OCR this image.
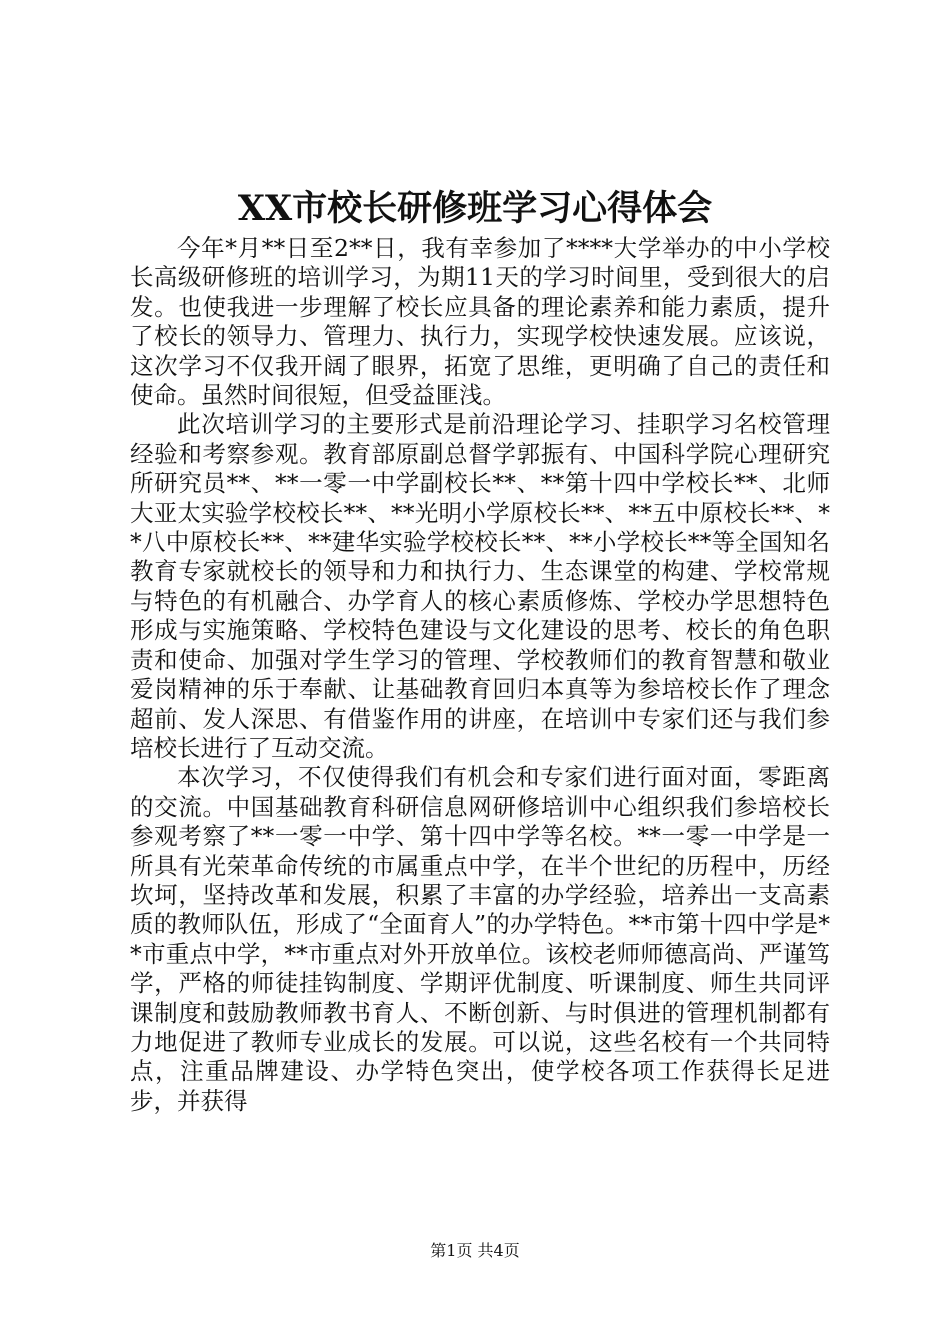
XX市校长研修班学习心得体会

今年*月**日至2**日，我有幸参加了****大学举办的中小学校长高级研修班的培训学习，为期11天的学习时间里，受到很大的启发。也使我进一步理解了校长应具备的理论素养和能力素质，提升了校长的领导力、管理力、执行力，实现学校快速发展。应该说，这次学习不仅我开阔了眼界，拓宽了思维，更明确了自己的责任和使命。虽然时间很短，但受益匪浅。

此次培训学习的主要形式是前沿理论学习、挂职学习名校管理经验和考察参观。教育部原副总督学郭振有、中国科学院心理研究所研究员**、**一零一中学副校长**、**第十四中学校长**、北师大亚太实验学校校长**、**光明小学原校长**、**五中原校长**、**八中原校长**、**建华实验学校校长**、**小学校长**等全国知名教育专家就校长的领导和力和执行力、生态课堂的构建、学校常规与特色的有机融合、办学育人的核心素质修炼、学校办学思想特色形成与实施策略、学校特色建设与文化建设的思考、校长的角色职责和使命、加强对学生学习的管理、学校教师们的教育智慧和敬业爱岗精神的乐于奉献、让基础教育回归本真等为参培校长作了理念超前、发人深思、有借鉴作用的讲座，在培训中专家们还与我们参培校长进行了互动交流。

本次学习，不仅使得我们有机会和专家们进行面对面，零距离的交流。中国基础教育科研信息网研修培训中心组织我们参培校长参观考察了**一零一中学、第十四中学等名校。**一零一中学是一所具有光荣革命传统的市属重点中学，在半个世纪的历程中，历经坎坷，坚持改革和发展，积累了丰富的办学经验，培养出一支高素质的教师队伍，形成了“全面育人”的办学特色。**市第十四中学是**市重点中学，**市重点对外开放单位。该校老师师德高尚、严谨笃学，严格的师徒挂钩制度、学期评优制度、听课制度、师生共同评课制度和鼓励教师教书育人、不断创新、与时俱进的管理机制都有力地促进了教师专业成长的发展。可以说，这些名校有一个共同特点，注重品牌建设、办学特色突出，使学校各项工作获得长足进步，并获得

第1页 共4页
